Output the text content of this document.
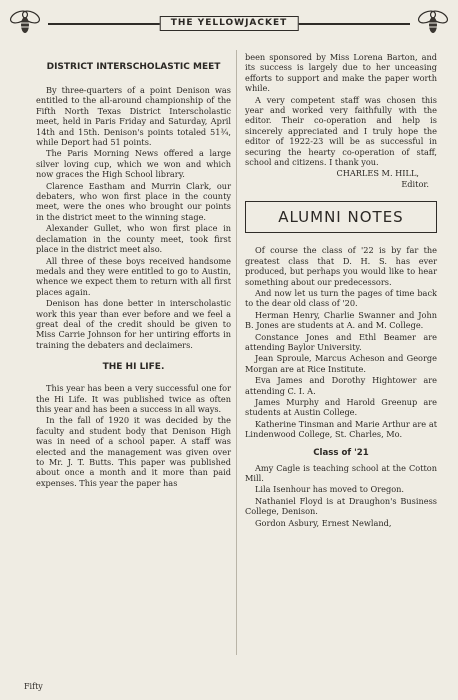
THE YELLOWJACKET
DISTRICT INTERSCHOLASTIC MEET

By three-quarters of a point Denison was entitled to the all-around championship of the Fifth North Texas District Interscholastic meet, held in Paris Friday and Saturday, April 14th and 15th. Denison's points totaled 51¾, while Deport had 51 points.

The Paris Morning News offered a large silver loving cup, which we won and which now graces the High School library.

Clarence Eastham and Murrin Clark, our debaters, who won first place in the county meet, were the ones who brought our points in the district meet to the winning stage.

Alexander Gullet, who won first place in declamation in the county meet, took first place in the district meet also.

All three of these boys received handsome medals and they were entitled to go to Austin, whence we expect them to return with all first places again.

Denison has done better in interscholastic work this year than ever before and we feel a great deal of the credit should be given to Miss Carrie Johnson for her untiring efforts in training the debaters and declaimers.

THE HI LIFE.

This year has been a very successful one for the Hi Life. It was published twice as often this year and has been a success in all ways.

In the fall of 1920 it was decided by the faculty and student body that Denison High was in need of a school paper. A staff was elected and the management was given over to Mr. J. T. Butts. This paper was published about once a month and it more than paid expenses. This year the paper has

been sponsored by Miss Lorena Barton, and its success is largely due to her unceasing efforts to support and make the paper worth while.

A very competent staff was chosen this year and worked very faithfully with the editor. Their co-operation and help is sincerely appreciated and I truly hope the editor of 1922-23 will be as successful in securing the hearty co-operation of staff, school and citizens. I thank you.

CHARLES M. HILL,
Editor.
ALUMNI NOTES

Of course the class of '22 is by far the greatest class that D. H. S. has ever produced, but perhaps you would like to hear something about our predecessors.

And now let us turn the pages of time back to the dear old class of '20.

Herman Henry, Charlie Swanner and John B. Jones are students at A. and M. College.

Constance Jones and Ethl Beamer are attending Baylor University.

Jean Sproule, Marcus Acheson and George Morgan are at Rice Institute.

Eva James and Dorothy Hightower are attending C. I. A.

James Murphy and Harold Greenup are students at Austin College.

Katherine Tinsman and Marie Arthur are at Lindenwood College, St. Charles, Mo.

Class of '21

Amy Cagle is teaching school at the Cotton Mill.

Lila Isenhour has moved to Oregon.

Nathaniel Floyd is at Draughon's Business College, Denison.

Gordon Asbury, Ernest Newland,

Fifty
